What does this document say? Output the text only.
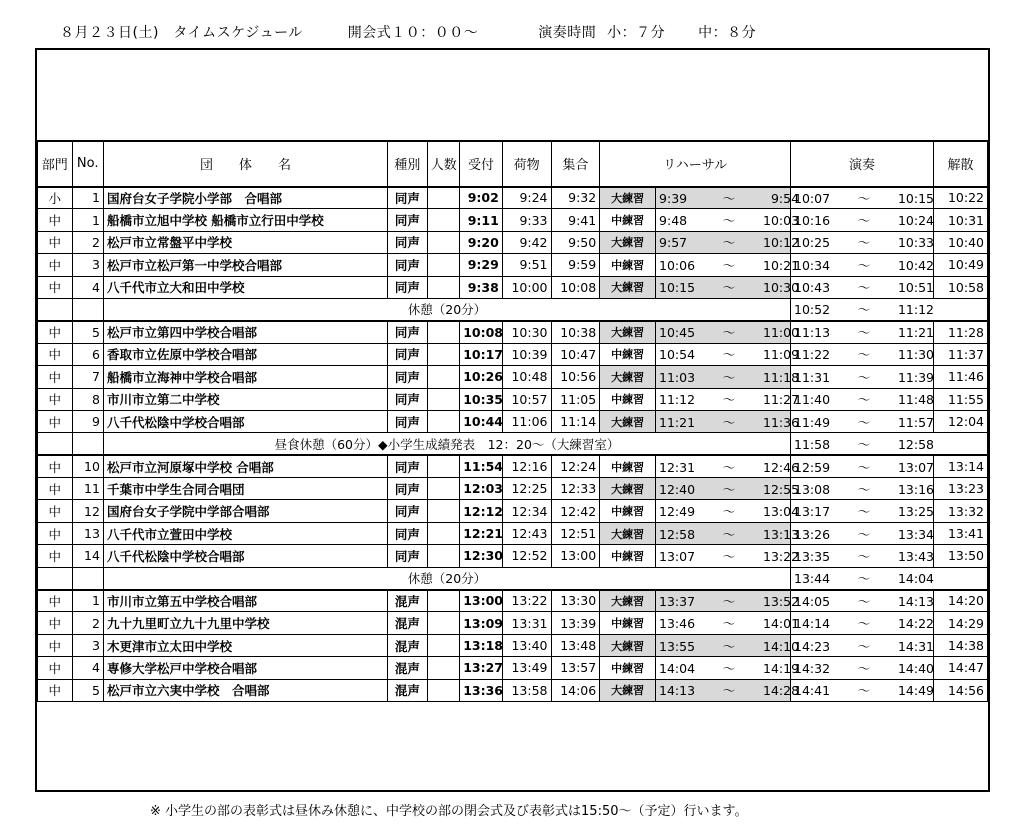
８月２３日(土)　タイムスケジュール	開会式１０：００～	演奏時間 小：７分 中：８分
部門	No.	団　　体　　名	種別	人数	受付	荷物	集合	リハーサル		演奏	解散
小	1	国府台女子学院小学部　合唱部	同声		9:02	9:24	9:32	大練習	9:39 ～ 9:54	10:07 ～ 10:15	10:22
中	1	船橋市立旭中学校 船橋市立行田中学校	同声		9:11	9:33	9:41	中練習	9:48 ～ 10:03	10:16 ～ 10:24	10:31
中	2	松戸市立常盤平中学校	同声		9:20	9:42	9:50	大練習	9:57 ～ 10:12	10:25 ～ 10:33	10:40
中	3	松戸市立松戸第一中学校合唱部	同声		9:29	9:51	9:59	中練習	10:06 ～ 10:21	10:34 ～ 10:42	10:49
中	4	八千代市立大和田中学校	同声		9:38	10:00	10:08	大練習	10:15 ～ 10:30	10:43 ～ 10:51	10:58
		休憩（20分）								10:52 ～ 11:12	
中	5	松戸市立第四中学校合唱部	同声		10:08	10:30	10:38	大練習	10:45 ～ 11:00	11:13 ～ 11:21	11:28
中	6	香取市立佐原中学校合唱部	同声		10:17	10:39	10:47	中練習	10:54 ～ 11:09	11:22 ～ 11:30	11:37
中	7	船橋市立海神中学校合唱部	同声		10:26	10:48	10:56	大練習	11:03 ～ 11:18	11:31 ～ 11:39	11:46
中	8	市川市立第二中学校	同声		10:35	10:57	11:05	中練習	11:12 ～ 11:27	11:40 ～ 11:48	11:55
中	9	八千代松陰中学校合唱部	同声		10:44	11:06	11:14	大練習	11:21 ～ 11:36	11:49 ～ 11:57	12:04
		昼食休憩（60分）◆小学生成績発表　12：20～（大練習室）								11:58 ～ 12:58	
中	10	松戸市立河原塚中学校 合唱部	同声		11:54	12:16	12:24	中練習	12:31 ～ 12:46	12:59 ～ 13:07	13:14
中	11	千葉市中学生合同合唱団	同声		12:03	12:25	12:33	大練習	12:40 ～ 12:55	13:08 ～ 13:16	13:23
中	12	国府台女子学院中学部合唱部	同声		12:12	12:34	12:42	中練習	12:49 ～ 13:04	13:17 ～ 13:25	13:32
中	13	八千代市立萱田中学校	同声		12:21	12:43	12:51	大練習	12:58 ～ 13:13	13:26 ～ 13:34	13:41
中	14	八千代松陰中学校合唱部	同声		12:30	12:52	13:00	中練習	13:07 ～ 13:22	13:35 ～ 13:43	13:50
		休憩（20分）								13:44 ～ 14:04	
中	1	市川市立第五中学校合唱部	混声		13:00	13:22	13:30	大練習	13:37 ～ 13:52	14:05 ～ 14:13	14:20
中	2	九十九里町立九十九里中学校	混声		13:09	13:31	13:39	中練習	13:46 ～ 14:01	14:14 ～ 14:22	14:29
中	3	木更津市立太田中学校	混声		13:18	13:40	13:48	大練習	13:55 ～ 14:10	14:23 ～ 14:31	14:38
中	4	専修大学松戸中学校合唱部	混声		13:27	13:49	13:57	中練習	14:04 ～ 14:19	14:32 ～ 14:40	14:47
中	5	松戸市立六実中学校　合唱部	混声		13:36	13:58	14:06	大練習	14:13 ～ 14:28	14:41 ～ 14:49	14:56
※ 小学生の部の表彰式は昼休み休憩に、中学校の部の閉会式及び表彰式は15:50～（予定）行います。
